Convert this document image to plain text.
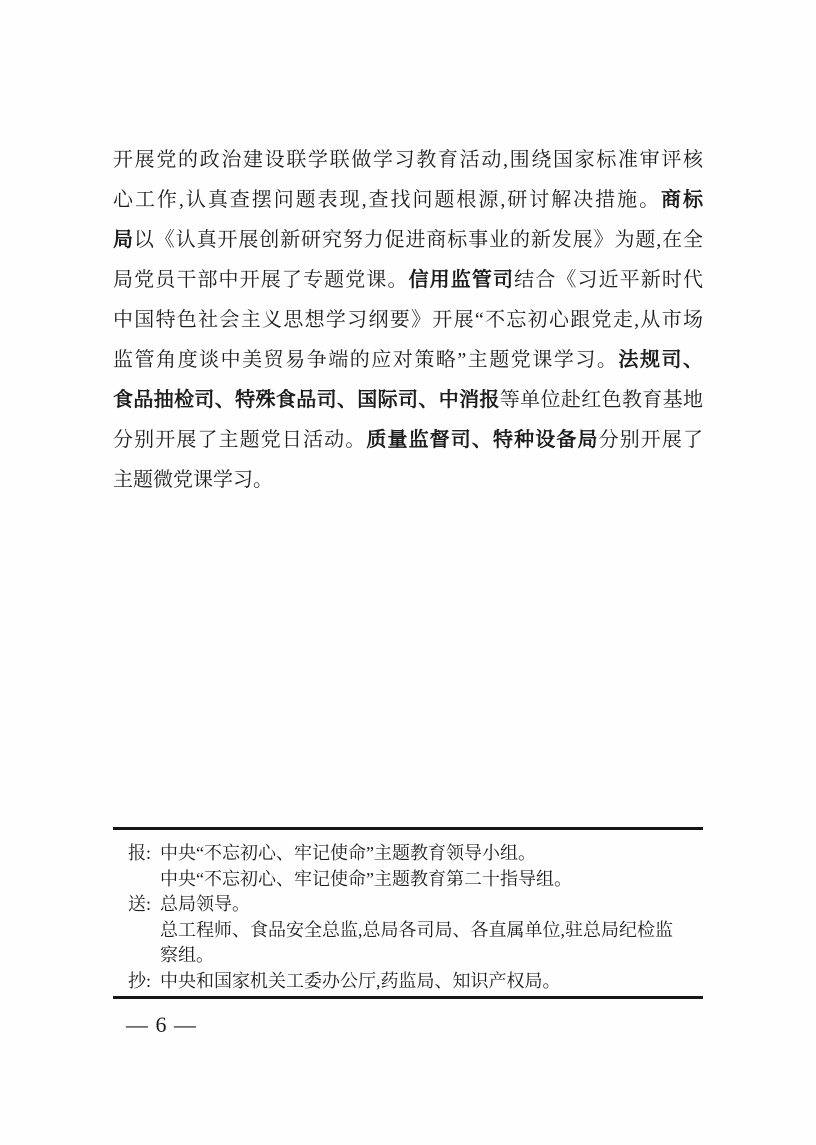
开展党的政治建设联学联做学习教育活动,围绕国家标准审评核
心工作,认真查摆问题表现,查找问题根源,研讨解决措施。商标
局以《认真开展创新研究努力促进商标事业的新发展》为题,在全
局党员干部中开展了专题党课。信用监管司结合《习近平新时代
中国特色社会主义思想学习纲要》开展“不忘初心跟党走,从市场
监管角度谈中美贸易争端的应对策略”主题党课学习。法规司、
食品抽检司、特殊食品司、国际司、中消报等单位赴红色教育基地
分别开展了主题党日活动。质量监督司、特种设备局分别开展了
主题微党课学习。
报: 中央“不忘初心、牢记使命”主题教育领导小组。
中央“不忘初心、牢记使命”主题教育第二十指导组。
送: 总局领导。
总工程师、食品安全总监,总局各司局、各直属单位,驻总局纪检监
察组。
抄: 中央和国家机关工委办公厅,药监局、知识产权局。
— 6 —
